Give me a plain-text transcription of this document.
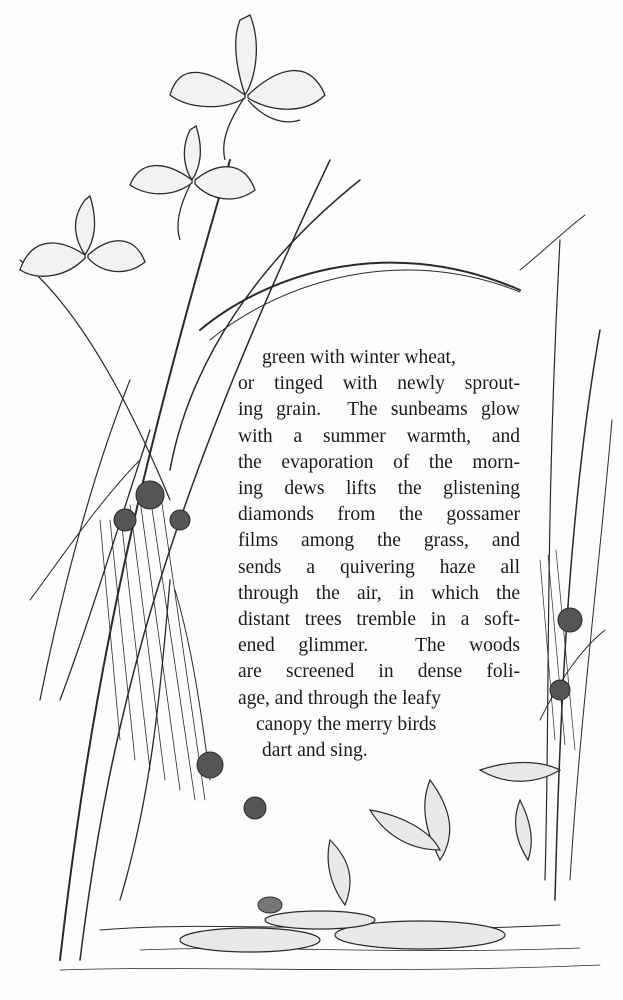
green with winter wheat,
or tinged with newly sprout-
ing grain.  The sunbeams glow
with a summer warmth, and
the evaporation of the morn-
ing dews lifts the glistening
diamonds from the gossamer
films among the grass, and
sends a quivering haze all
through the air, in which the
distant trees tremble in a soft-
ened glimmer.  The woods
are screened in dense foli-
age, and through the leafy
canopy the merry birds
dart and sing.
